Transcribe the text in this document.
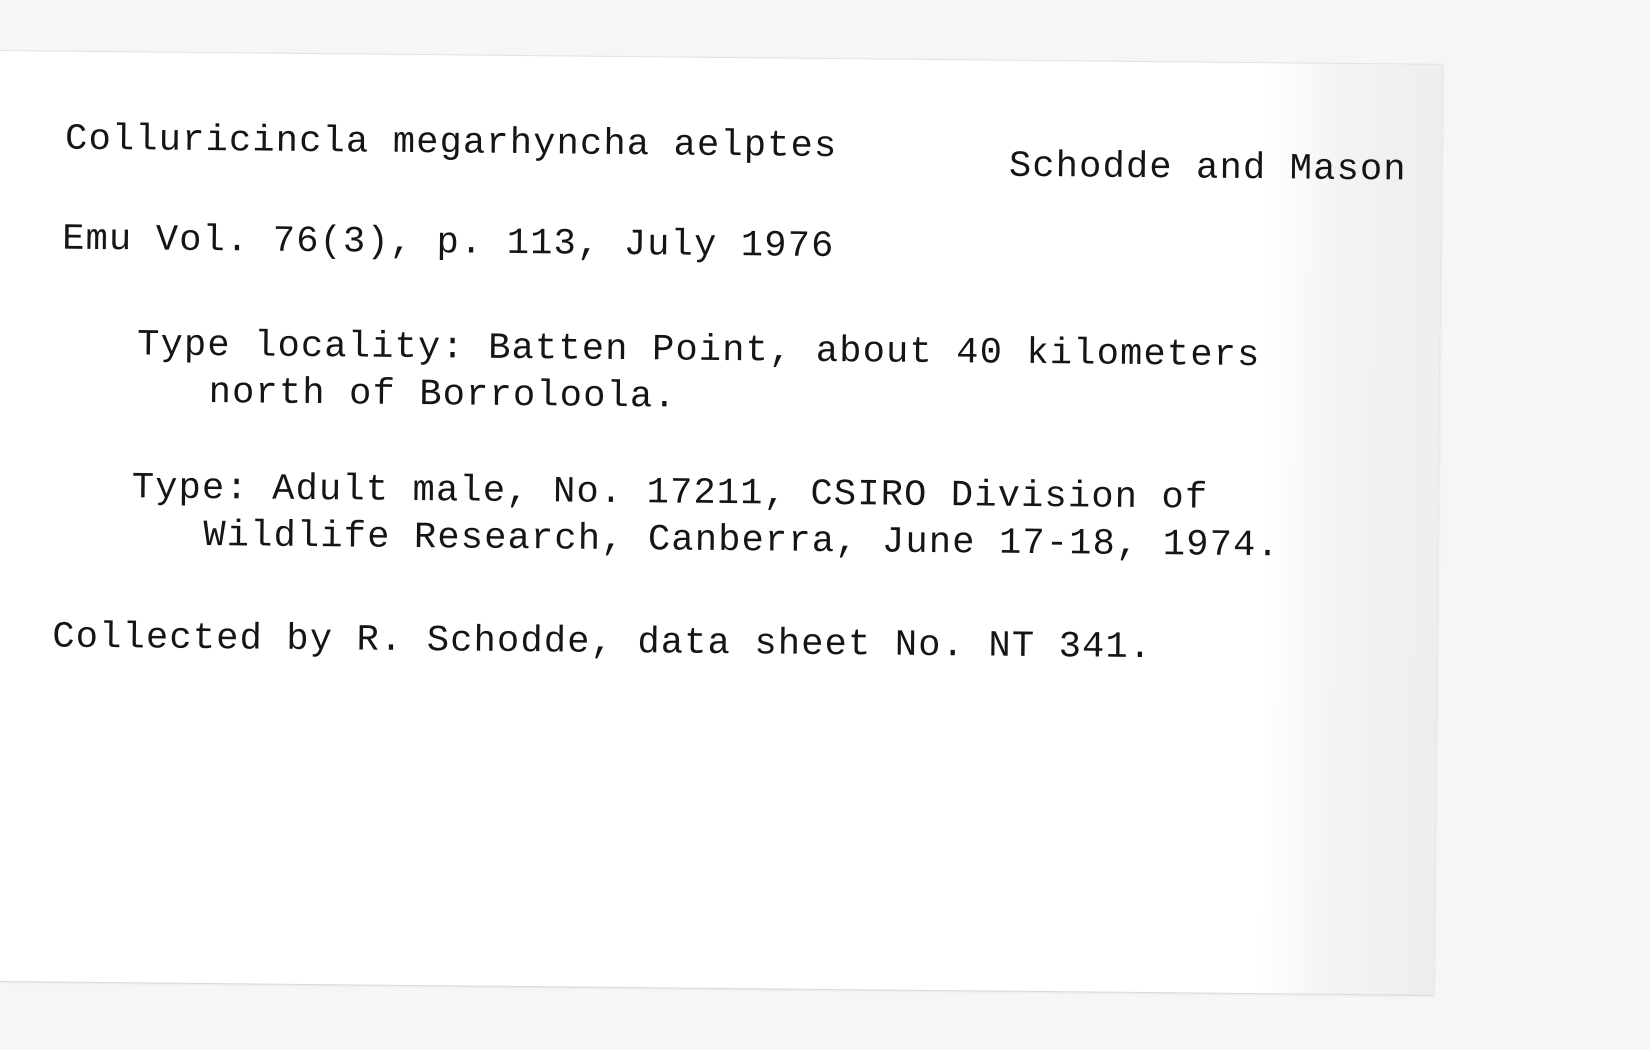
Colluricincla megarhyncha aelptes
Schodde and Mason
Emu Vol. 76(3), p. 113, July 1976
Type locality: Batten Point, about 40 kilometers
north of Borroloola.
Type: Adult male, No. 17211, CSIRO Division of
Wildlife Research, Canberra, June 17-18, 1974.
Collected by R. Schodde, data sheet No. NT 341.
